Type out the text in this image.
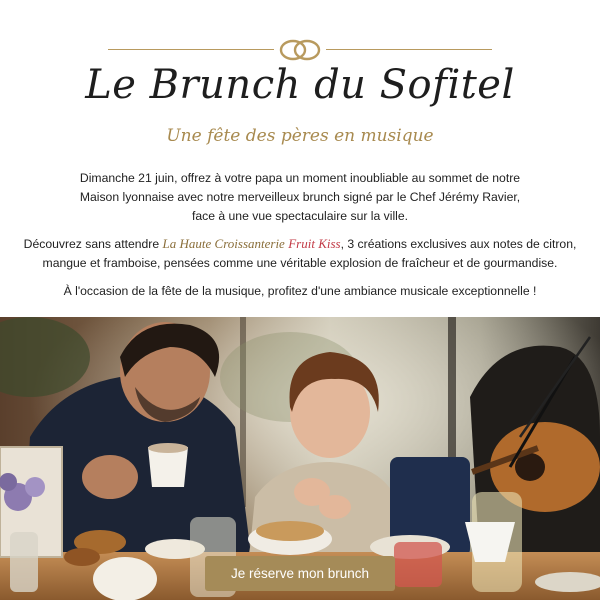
Le Brunch du Sofitel
Une fête des pères en musique
Dimanche 21 juin, offrez à votre papa un moment inoubliable au sommet de notre
Maison lyonnaise avec notre merveilleux brunch signé par le Chef Jérémy Ravier,
face à une vue spectaculaire sur la ville.
Découvrez sans attendre La Haute Croissanterie Fruit Kiss, 3 créations exclusives aux notes de citron,
mangue et framboise, pensées comme une véritable explosion de fraîcheur et de gourmandise.
À l'occasion de la fête de la musique, profitez d'une ambiance musicale exceptionnelle !
Je réserve mon brunch
